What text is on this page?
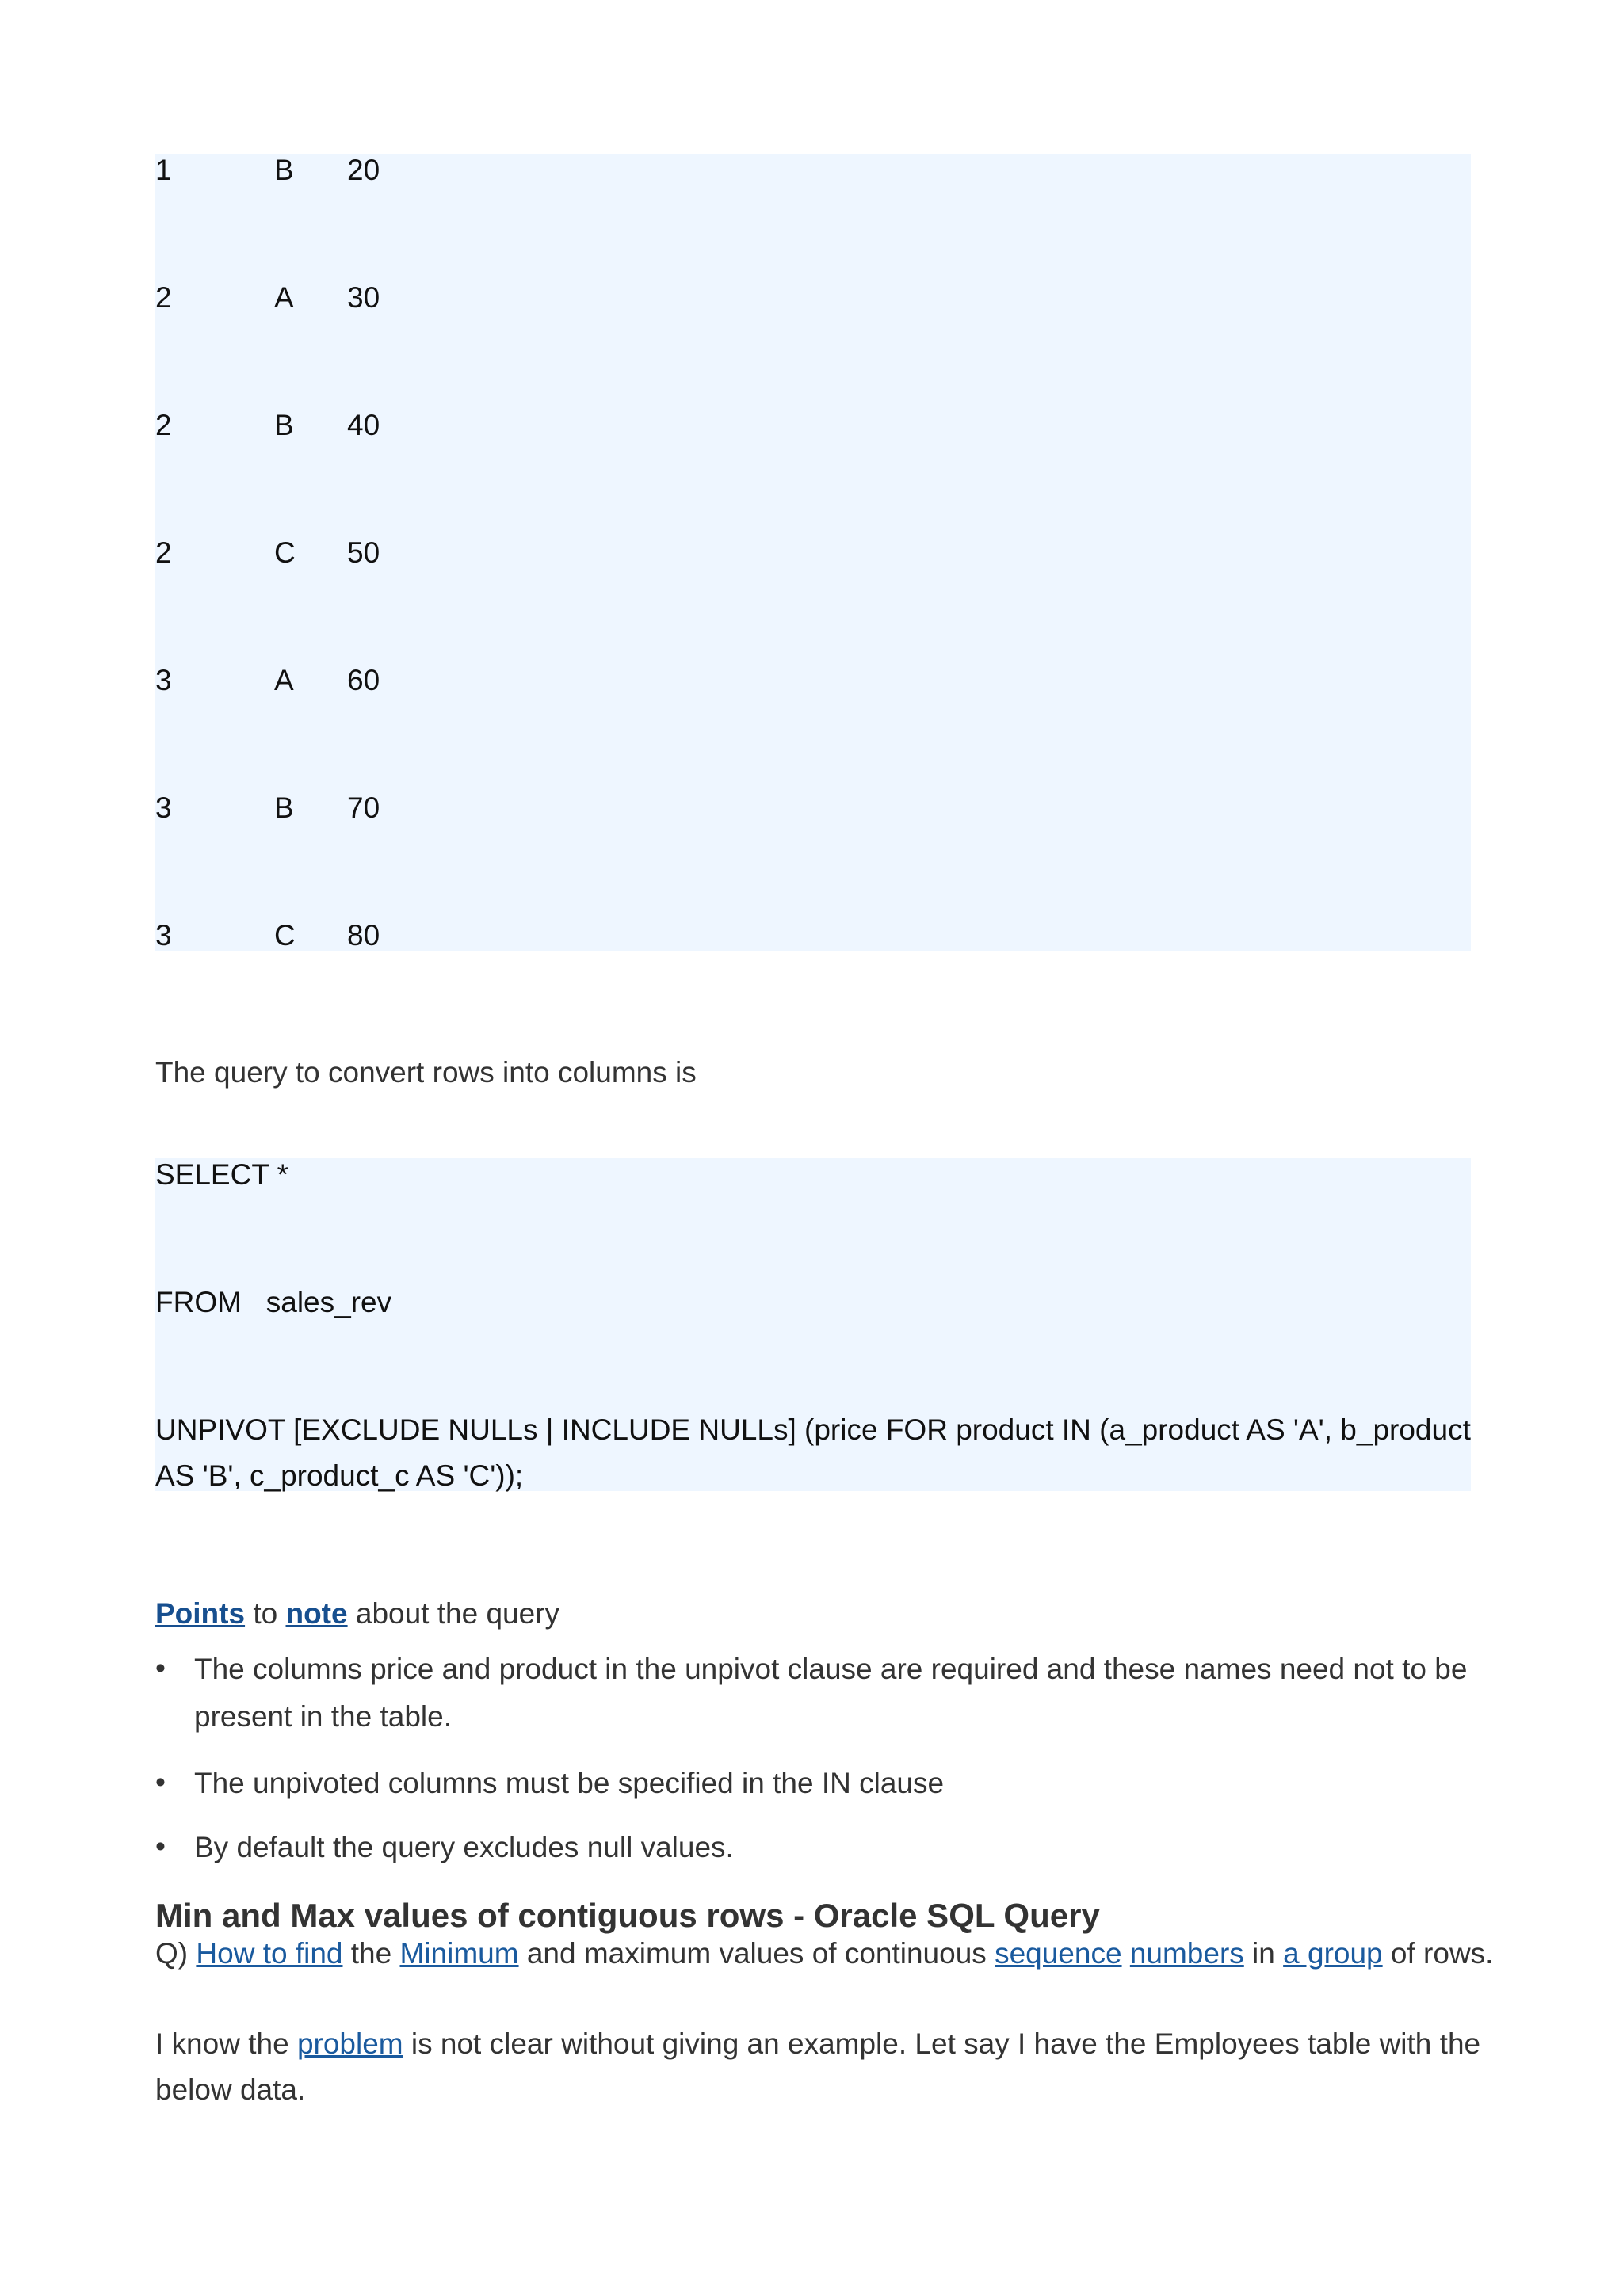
1	B 20
2	A 30
2	B 40
2	C 50
3	A 60
3	B 70
3	C 80
The query to convert rows into columns is
SELECT *
FROM   sales_rev
UNPIVOT [EXCLUDE NULLs | INCLUDE NULLs] (price FOR product IN (a_product AS 'A', b_product
AS 'B', c_product_c AS 'C'));
Points to note about the query
• The columns price and product in the unpivot clause are required and these names need not to be present in the table.
• The unpivoted columns must be specified in the IN clause
• By default the query excludes null values.
Min and Max values of contiguous rows - Oracle SQL Query
Q) How to find the Minimum and maximum values of continuous sequence numbers in a group of rows.
I know the problem is not clear without giving an example. Let say I have the Employees table with the
below data.
